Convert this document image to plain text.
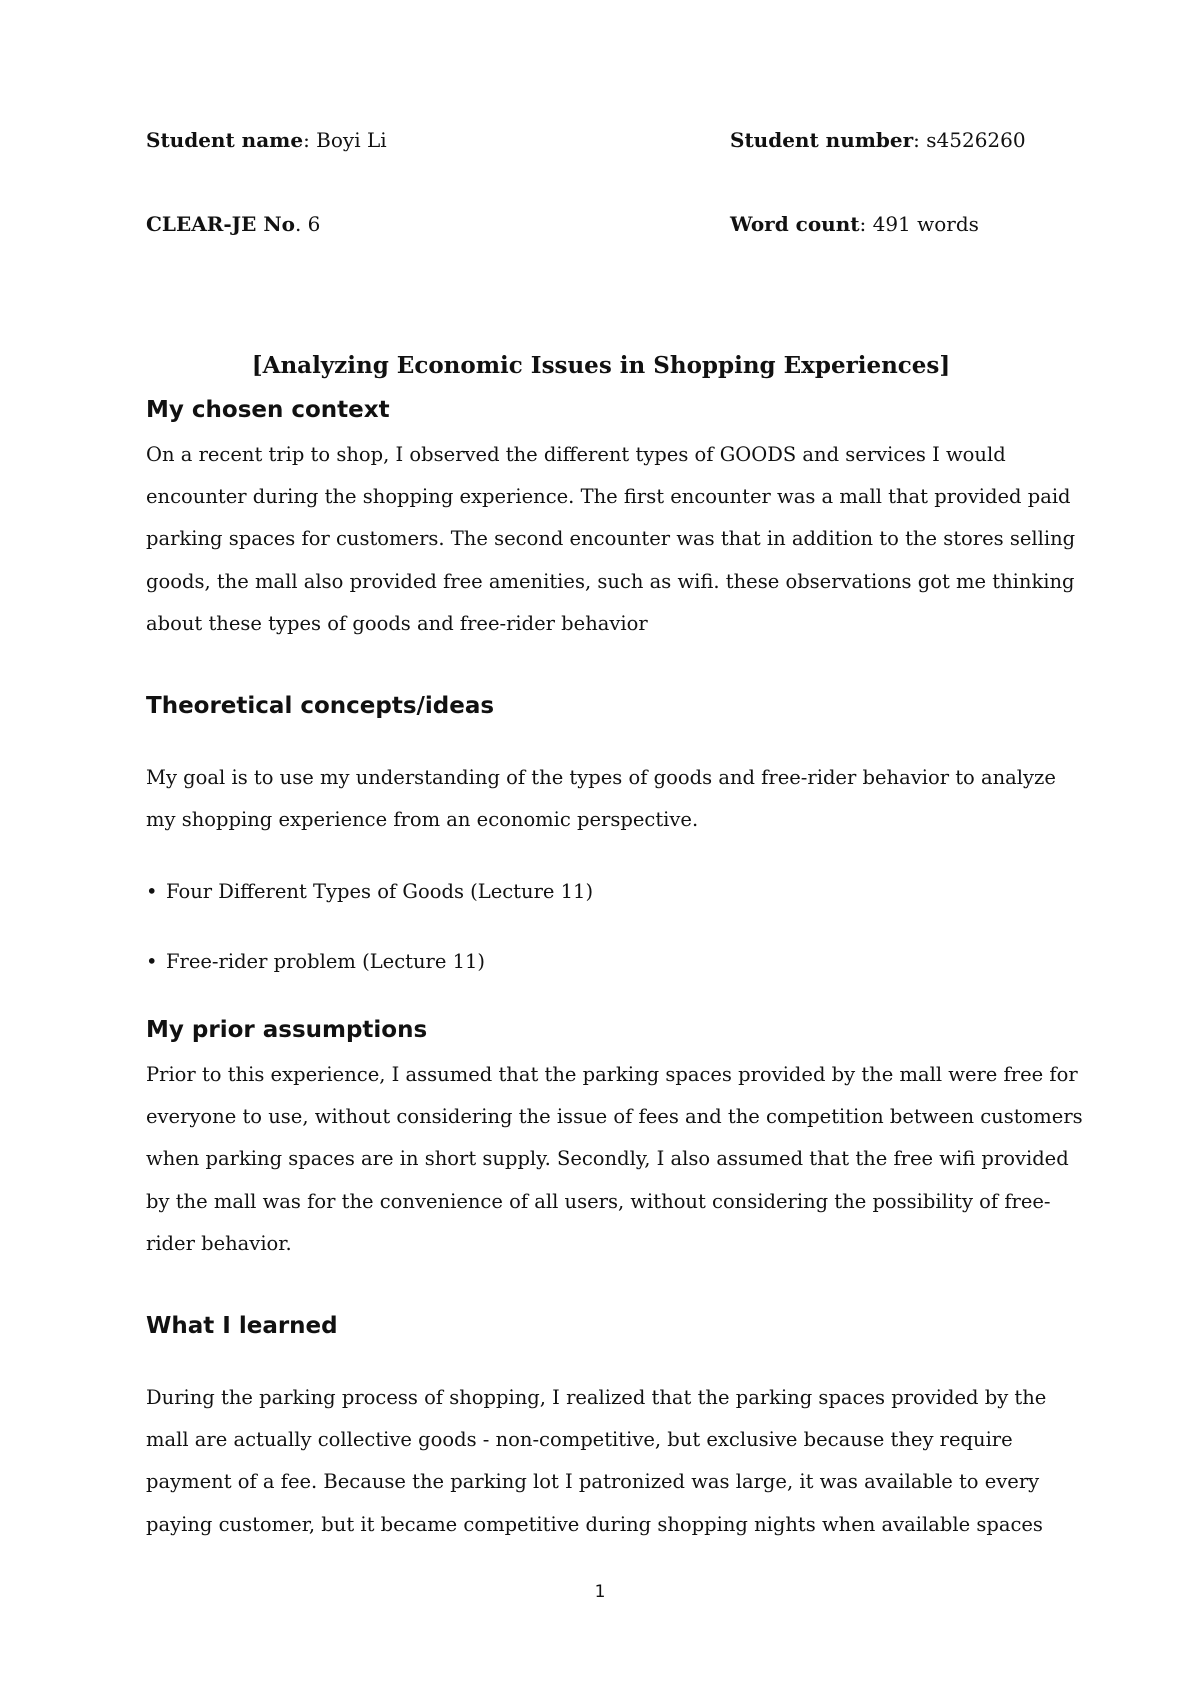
Student name: Boyi Li	Student number: s4526260
CLEAR-JE No. 6	Word count: 491 words
[Analyzing Economic Issues in Shopping Experiences]
My chosen context
On a recent trip to shop, I observed the different types of GOODS and services I would
encounter during the shopping experience. The first encounter was a mall that provided paid
parking spaces for customers. The second encounter was that in addition to the stores selling
goods, the mall also provided free amenities, such as wifi. these observations got me thinking
about these types of goods and free-rider behavior
Theoretical concepts/ideas
My goal is to use my understanding of the types of goods and free-rider behavior to analyze
my shopping experience from an economic perspective.
• Four Different Types of Goods (Lecture 11)
• Free-rider problem (Lecture 11)
My prior assumptions
Prior to this experience, I assumed that the parking spaces provided by the mall were free for
everyone to use, without considering the issue of fees and the competition between customers
when parking spaces are in short supply. Secondly, I also assumed that the free wifi provided
by the mall was for the convenience of all users, without considering the possibility of free-
rider behavior.
What I learned
During the parking process of shopping, I realized that the parking spaces provided by the
mall are actually collective goods - non-competitive, but exclusive because they require
payment of a fee. Because the parking lot I patronized was large, it was available to every
paying customer, but it became competitive during shopping nights when available spaces
1
